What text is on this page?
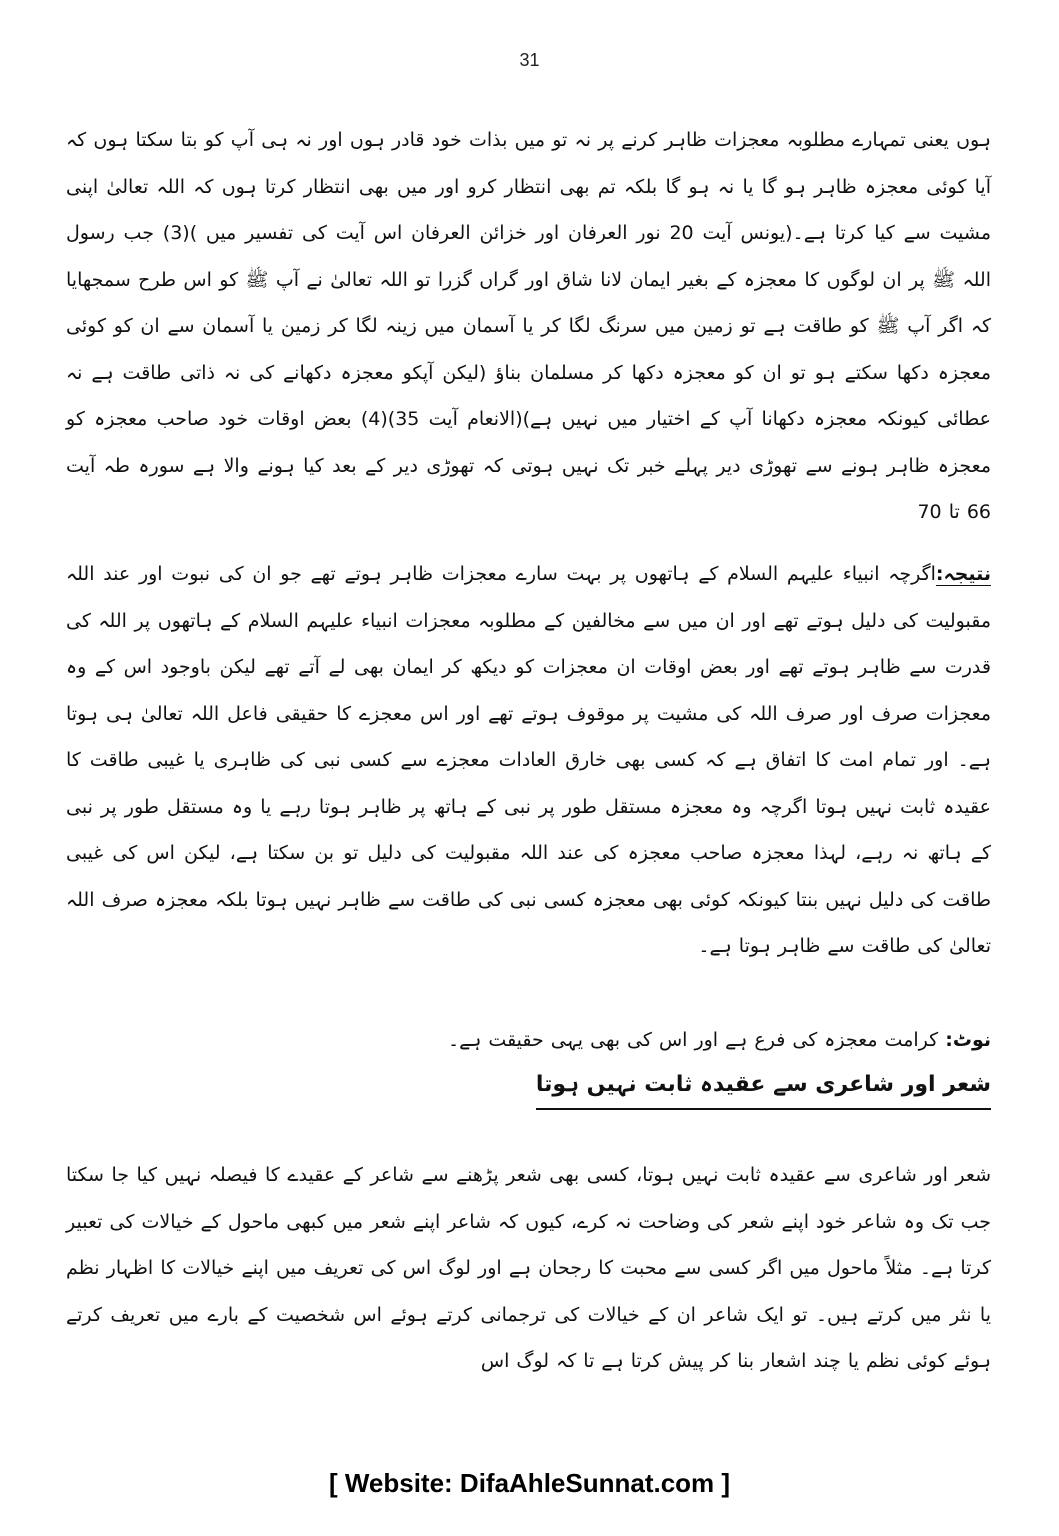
31
ہوں یعنی تمہارے مطلوبہ معجزات ظاہر کرنے پر نہ تو میں بذات خود قادر ہوں اور نہ ہی آپ کو بتا سکتا ہوں کہ آیا کوئی معجزہ ظاہر ہو گا یا نہ ہو گا بلکہ تم بھی انتظار کرو اور میں بھی انتظار کرتا ہوں کہ اللہ تعالیٰ اپنی مشیت سے کیا کرتا ہے۔(یونس آیت 20 نور العرفان اور خزائن العرفان اس آیت کی تفسیر میں )(3) جب رسول اللہ ﷺ پر ان لوگوں کا معجزہ کے بغیر ایمان لانا شاق اور گراں گزرا تو اللہ تعالیٰ نے آپ ﷺ کو اس طرح سمجھایا کہ اگر آپ ﷺ کو طاقت ہے تو زمین میں سرنگ لگا کر یا آسمان میں زینہ لگا کر زمین یا آسمان سے ان کو کوئی معجزہ دکھا سکتے ہو تو ان کو معجزہ دکھا کر مسلمان بناؤ (لیکن آپکو معجزہ دکھانے کی نہ ذاتی طاقت ہے نہ عطائی کیونکہ معجزہ دکھانا آپ کے اختیار میں نہیں ہے)(الانعام آیت 35)(4) بعض اوقات خود صاحب معجزہ کو معجزہ ظاہر ہونے سے تھوڑی دیر پہلے خبر تک نہیں ہوتی کہ تھوڑی دیر کے بعد کیا ہونے والا ہے سورہ طہ آیت 66 تا 70
نتیجہ:اگرچہ انبیاء علیہم السلام کے ہاتھوں پر بہت سارے معجزات ظاہر ہوتے تھے جو ان کی نبوت اور عند اللہ مقبولیت کی دلیل ہوتے تھے اور ان میں سے مخالفین کے مطلوبہ معجزات انبیاء علیہم السلام کے ہاتھوں پر اللہ کی قدرت سے ظاہر ہوتے تھے اور بعض اوقات ان معجزات کو دیکھ کر ایمان بھی لے آتے تھے لیکن باوجود اس کے وہ معجزات صرف اور صرف اللہ کی مشیت پر موقوف ہوتے تھے اور اس معجزے کا حقیقی فاعل اللہ تعالیٰ ہی ہوتا ہے۔ اور تمام امت کا اتفاق ہے کہ کسی بھی خارق العادات معجزے سے کسی نبی کی ظاہری یا غیبی طاقت کا عقیدہ ثابت نہیں ہوتا اگرچہ وہ معجزہ مستقل طور پر نبی کے ہاتھ پر ظاہر ہوتا رہے یا وہ مستقل طور پر نبی کے ہاتھ نہ رہے، لہذا معجزہ صاحب معجزہ کی عند اللہ مقبولیت کی دلیل تو بن سکتا ہے، لیکن اس کی غیبی طاقت کی دلیل نہیں بنتا کیونکہ کوئی بھی معجزہ کسی نبی کی طاقت سے ظاہر نہیں ہوتا بلکہ معجزہ صرف اللہ تعالیٰ کی طاقت سے ظاہر ہوتا ہے۔
نوٹ: کرامت معجزہ کی فرع ہے اور اس کی بھی یہی حقیقت ہے۔
شعر اور شاعری سے عقیدہ ثابت نہیں ہوتا
شعر اور شاعری سے عقیدہ ثابت نہیں ہوتا، کسی بھی شعر پڑھنے سے شاعر کے عقیدے کا فیصلہ نہیں کیا جا سکتا جب تک وہ شاعر خود اپنے شعر کی وضاحت نہ کرے، کیوں کہ شاعر اپنے شعر میں کبھی ماحول کے خیالات کی تعبیر کرتا ہے۔ مثلاً ماحول میں اگر کسی سے محبت کا رجحان ہے اور لوگ اس کی تعریف میں اپنے خیالات کا اظہار نظم یا نثر میں کرتے ہیں۔ تو ایک شاعر ان کے خیالات کی ترجمانی کرتے ہوئے اس شخصیت کے بارے میں تعریف کرتے ہوئے کوئی نظم یا چند اشعار بنا کر پیش کرتا ہے تا کہ لوگ اس
[ Website: DifaAhleSunnat.com ]
